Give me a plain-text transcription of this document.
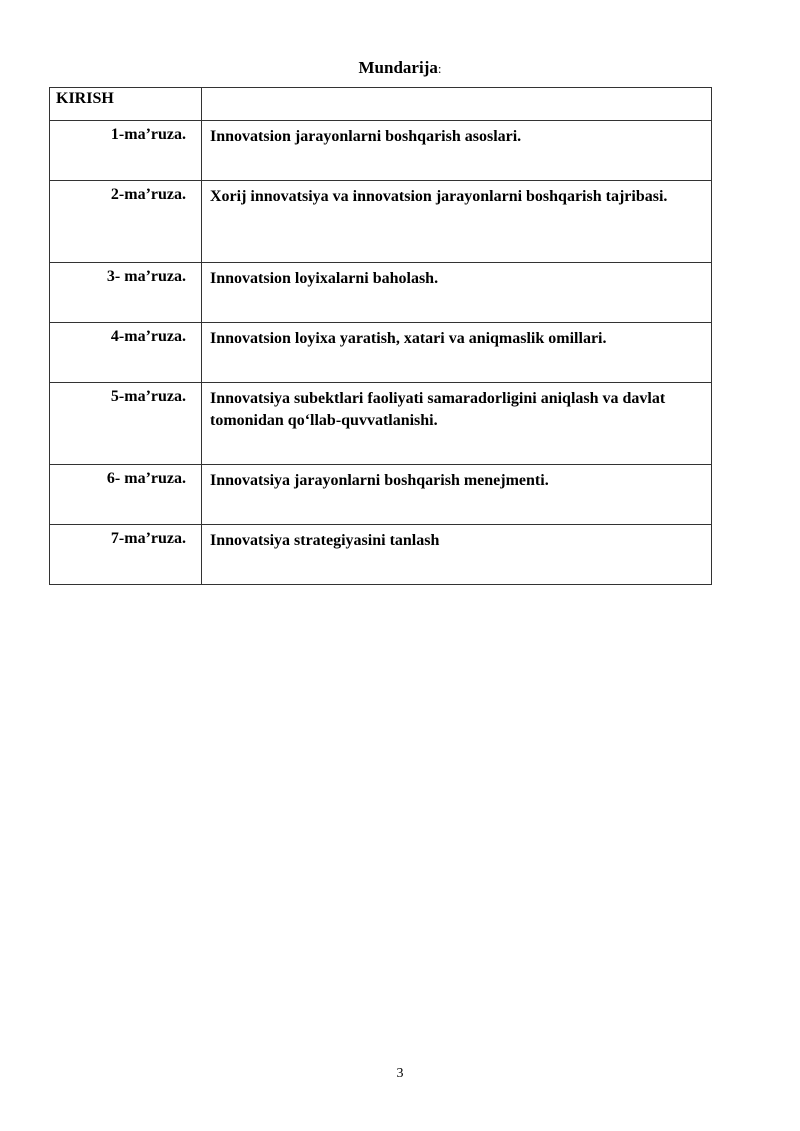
Mundarija:
KIRISH	
1-ma’ruza.	Innovatsion jarayonlarni boshqarish asoslari.
2-ma’ruza.	Xorij innovatsiya va innovatsion jarayonlarni boshqarish tajribasi.
3- ma’ruza.	Innovatsion loyixalarni baholash.
4-ma’ruza.	Innovatsion loyixa yaratish, xatari va aniqmaslik omillari.
5-ma’ruza.	Innovatsiya subektlari faoliyati samaradorligini aniqlash va davlat tomonidan qo‘llab-quvvatlanishi.
6- ma’ruza.	Innovatsiya jarayonlarni boshqarish menejmenti.
7-ma’ruza.	Innovatsiya strategiyasini tanlash
3
